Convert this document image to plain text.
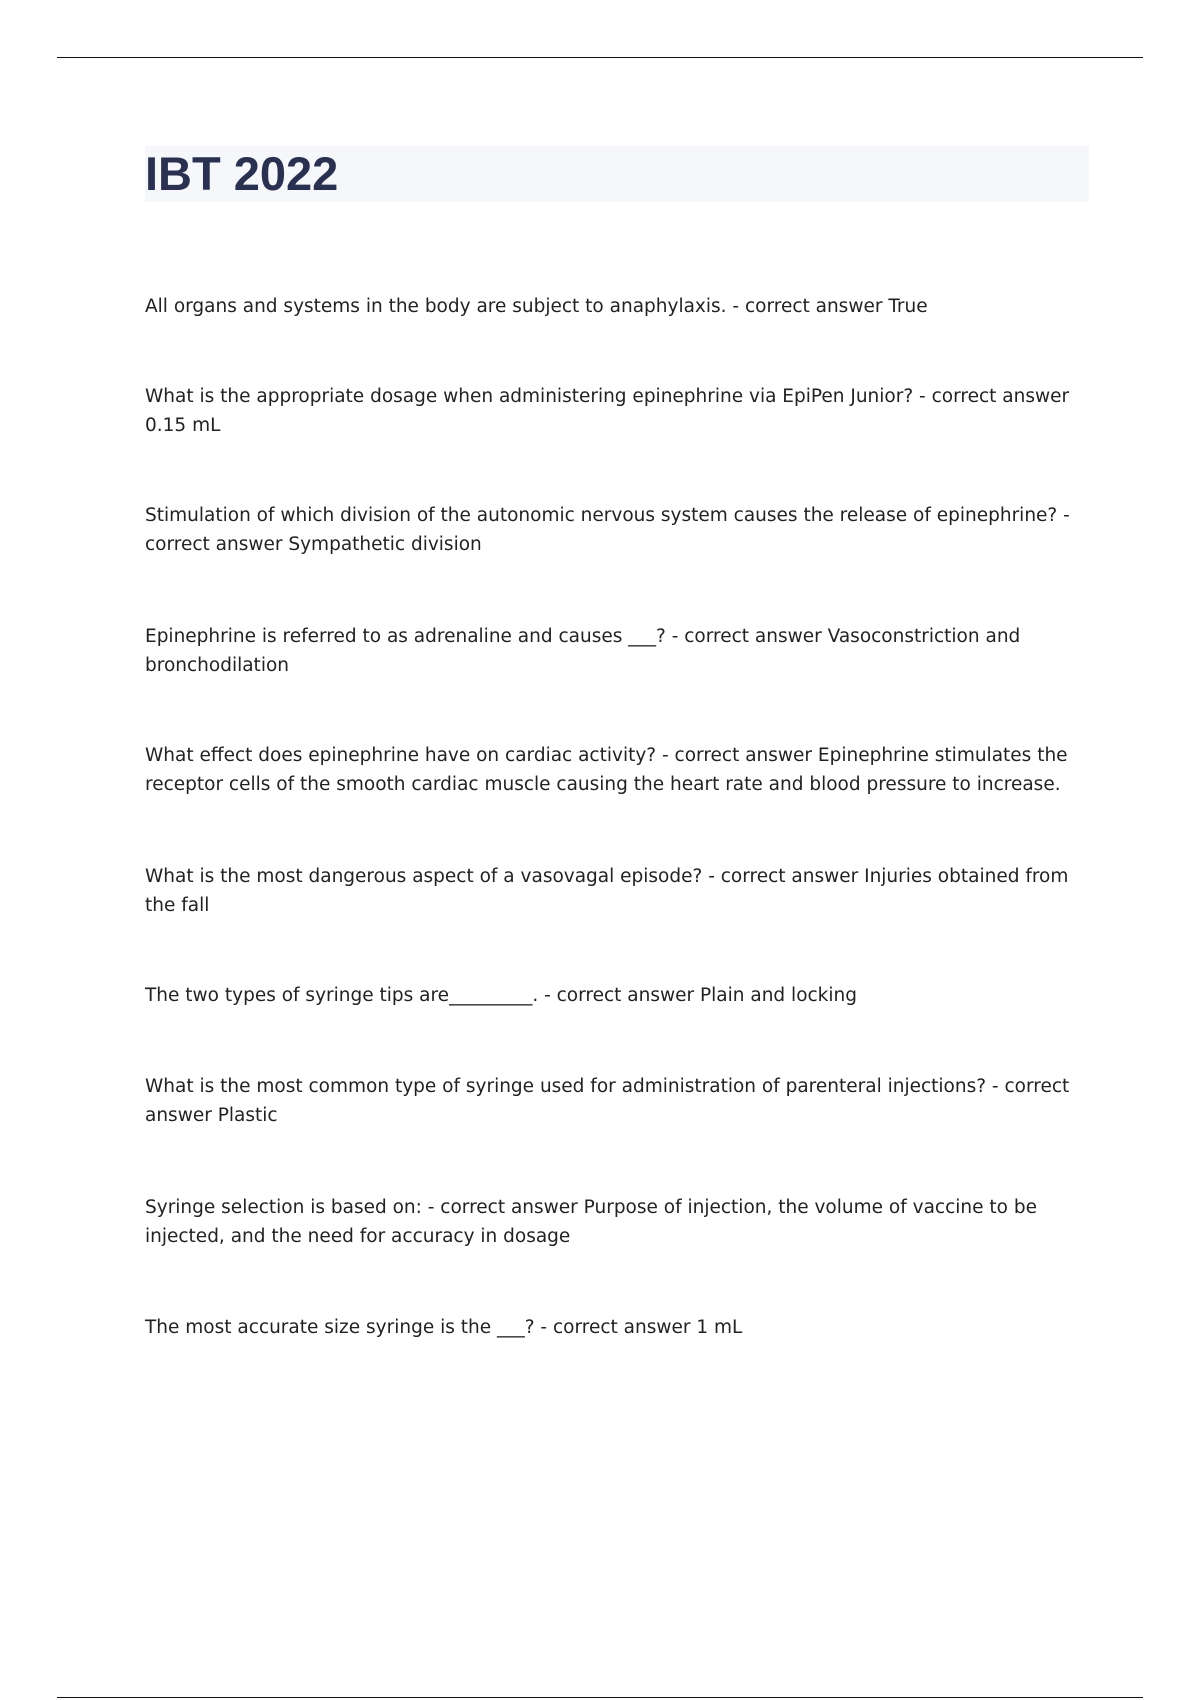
IBT 2022
All organs and systems in the body are subject to anaphylaxis. - correct answer True
What is the appropriate dosage when administering epinephrine via EpiPen Junior? - correct answer 0.15 mL
Stimulation of which division of the autonomic nervous system causes the release of epinephrine? - correct answer Sympathetic division
Epinephrine is referred to as adrenaline and causes ___? - correct answer Vasoconstriction and bronchodilation
What effect does epinephrine have on cardiac activity? - correct answer Epinephrine stimulates the receptor cells of the smooth cardiac muscle causing the heart rate and blood pressure to increase.
What is the most dangerous aspect of a vasovagal episode? - correct answer Injuries obtained from the fall
The two types of syringe tips are_________. - correct answer Plain and locking
What is the most common type of syringe used for administration of parenteral injections? - correct answer Plastic
Syringe selection is based on: - correct answer Purpose of injection, the volume of vaccine to be injected, and the need for accuracy in dosage
The most accurate size syringe is the ___? - correct answer 1 mL
